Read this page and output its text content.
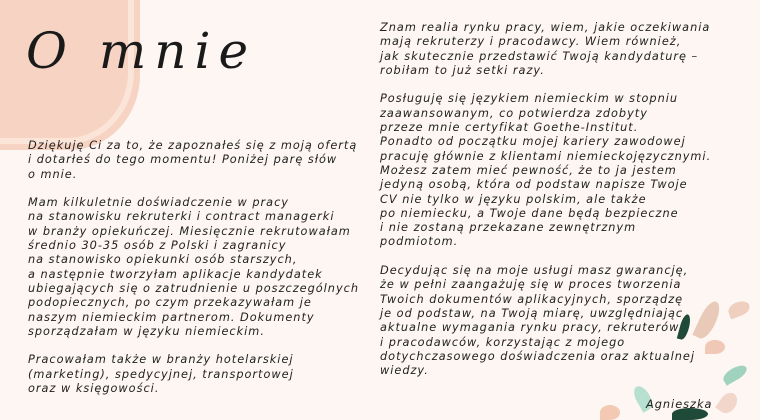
O mnie

Dziękuję Ci za to, że zapoznałeś się z moją ofertą
i dotarłeś do tego momentu! Poniżej parę słów
o mnie.

Mam kilkuletnie doświadczenie w pracy
na stanowisku rekruterki i contract managerki
w branży opiekuńczej. Miesięcznie rekrutowałam
średnio 30-35 osób z Polski i zagranicy
na stanowisko opiekunki osób starszych,
a następnie tworzyłam aplikacje kandydatek
ubiegających się o zatrudnienie u poszczególnych
podopiecznych, po czym przekazywałam je
naszym niemieckim partnerom. Dokumenty
sporządzałam w języku niemieckim.

Pracowałam także w branży hotelarskiej
(marketing), spedycyjnej, transportowej
oraz w księgowości.

Znam realia rynku pracy, wiem, jakie oczekiwania
mają rekruterzy i pracodawcy. Wiem również,
jak skutecznie przedstawić Twoją kandydaturę –
robiłam to już setki razy.

Posługuję się językiem niemieckim w stopniu
zaawansowanym, co potwierdza zdobyty
przeze mnie certyfikat Goethe-Institut.
Ponadto od początku mojej kariery zawodowej
pracuję głównie z klientami niemieckojęzycznymi.
Możesz zatem mieć pewność, że to ja jestem
jedyną osobą, która od podstaw napisze Twoje
CV nie tylko w języku polskim, ale także
po niemiecku, a Twoje dane będą bezpieczne
i nie zostaną przekazane zewnętrznym
podmiotom.

Decydując się na moje usługi masz gwarancję,
że w pełni zaangażuję się w proces tworzenia
Twoich dokumentów aplikacyjnych, sporządzę
je od podstaw, na Twoją miarę, uwzględniając
aktualne wymagania rynku pracy, rekruterów
i pracodawców, korzystając z mojego
dotychczasowego doświadczenia oraz aktualnej
wiedzy.

Agnieszka
